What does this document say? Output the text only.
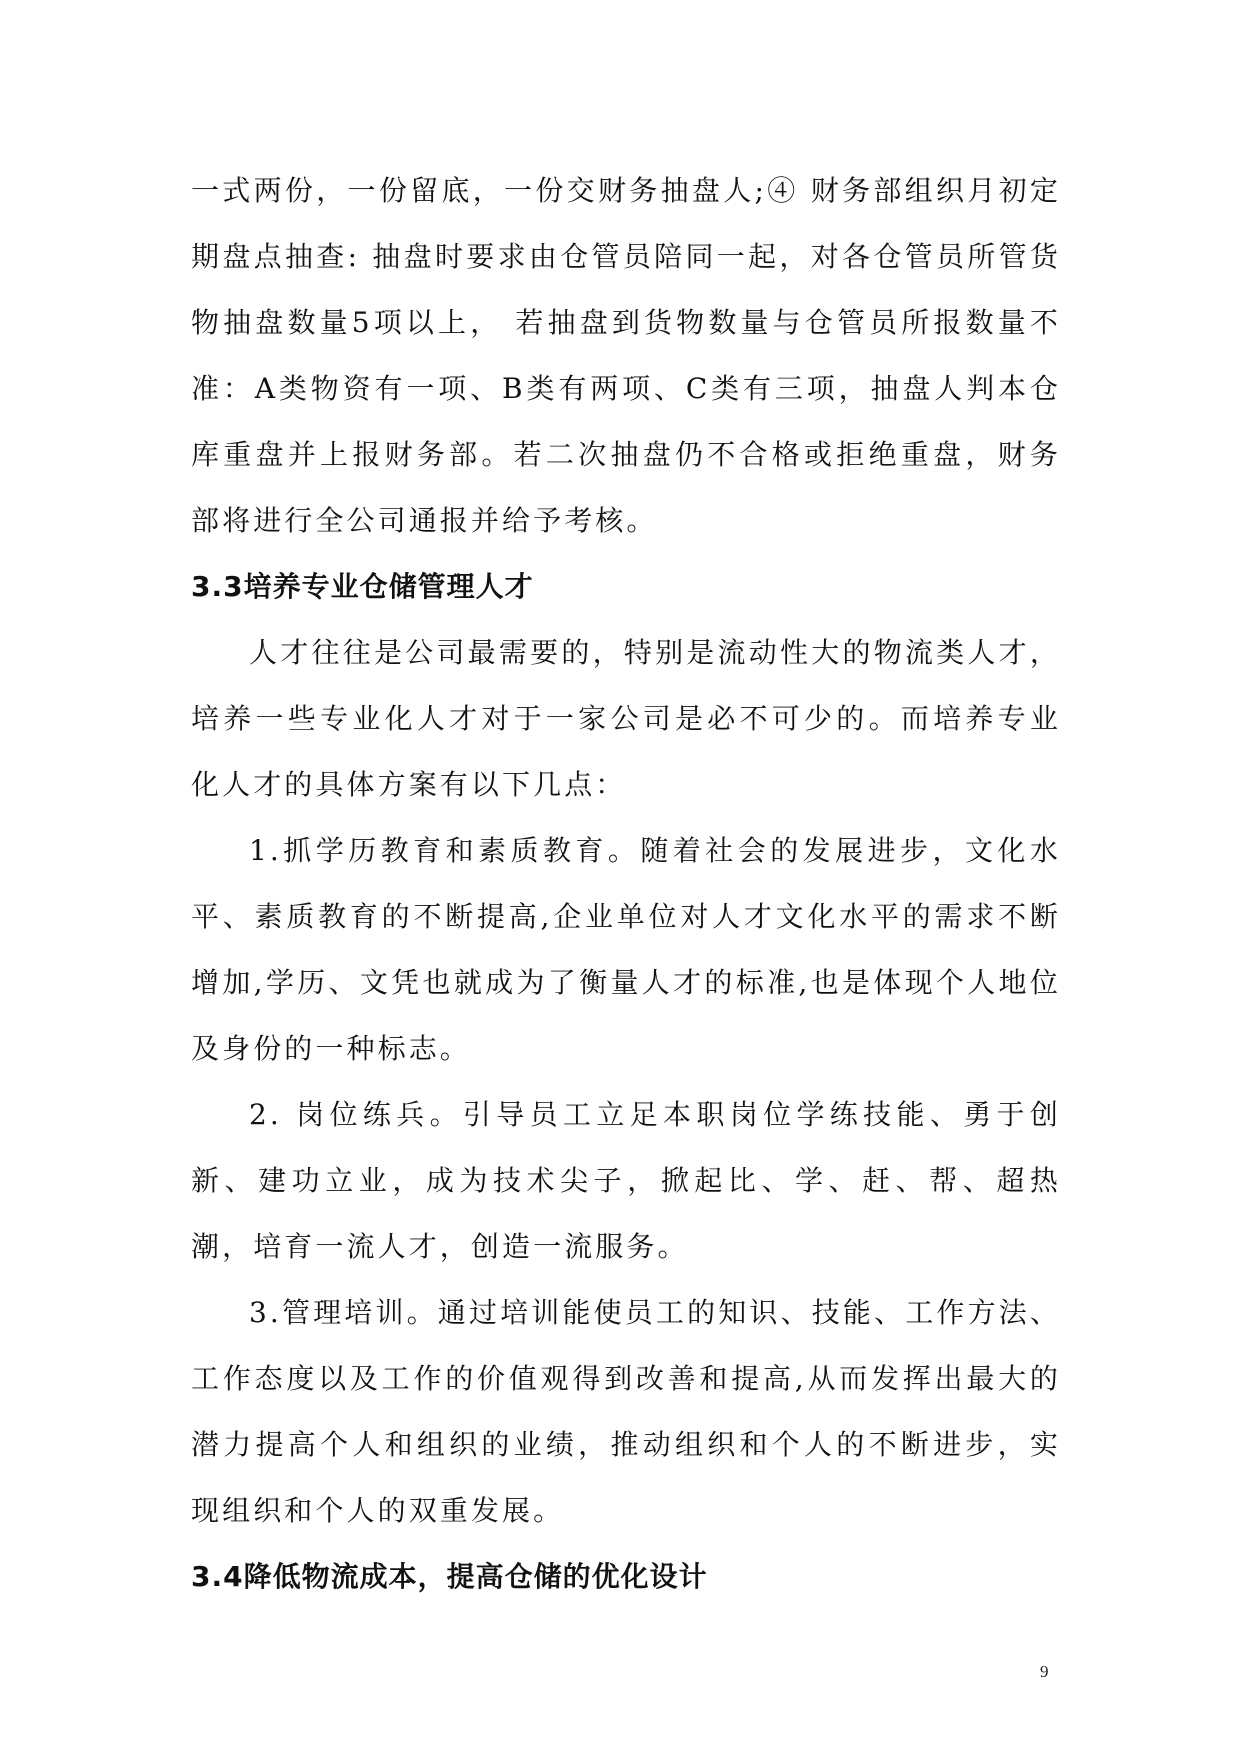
一式两份，一份留底，一份交财务抽盘人;④ 财务部组织月初定期盘点抽查: 抽盘时要求由仓管员陪同一起，对各仓管员所管货物抽盘数量5项以上， 若抽盘到货物数量与仓管员所报数量不准：A类物资有一项、B类有两项、C类有三项，抽盘人判本仓库重盘并上报财务部。若二次抽盘仍不合格或拒绝重盘，财务部将进行全公司通报并给予考核。

3.3培养专业仓储管理人才

人才往往是公司最需要的，特别是流动性大的物流类人才，培养一些专业化人才对于一家公司是必不可少的。而培养专业化人才的具体方案有以下几点：

1.抓学历教育和素质教育。随着社会的发展进步，文化水平、素质教育的不断提高,企业单位对人才文化水平的需求不断增加,学历、文凭也就成为了衡量人才的标准,也是体现个人地位及身份的一种标志。

2. 岗位练兵。引导员工立足本职岗位学练技能、勇于创新、建功立业，成为技术尖子，掀起比、学、赶、帮、超热潮，培育一流人才，创造一流服务。

3.管理培训。通过培训能使员工的知识、技能、工作方法、工作态度以及工作的价值观得到改善和提高,从而发挥出最大的潜力提高个人和组织的业绩，推动组织和个人的不断进步，实现组织和个人的双重发展。

3.4降低物流成本，提高仓储的优化设计

9
